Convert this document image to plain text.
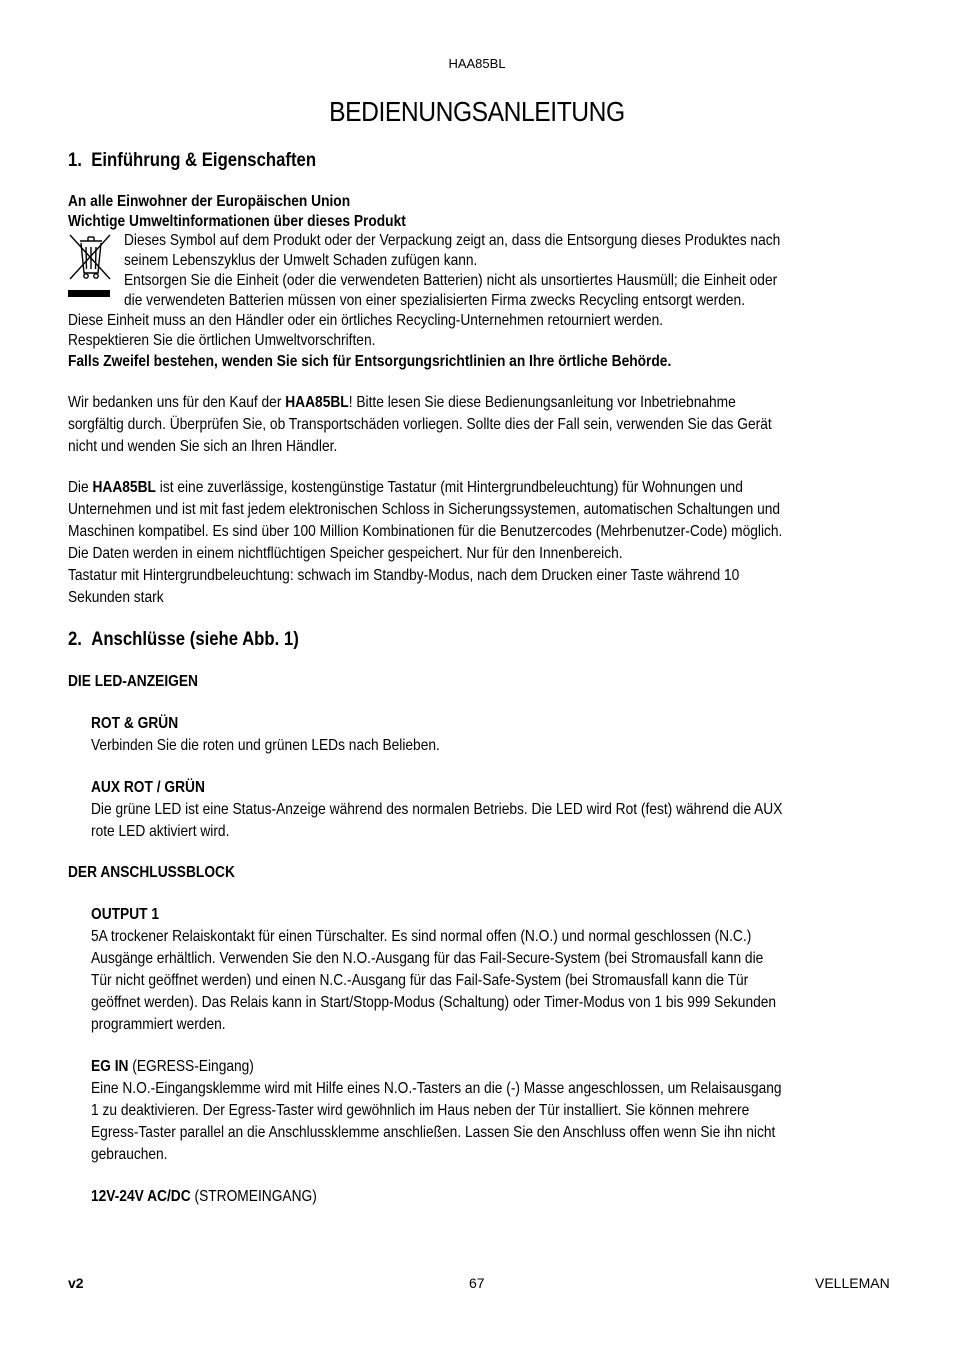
HAA85BL
BEDIENUNGSANLEITUNG
1. Einführung & Eigenschaften
An alle Einwohner der Europäischen Union
Wichtige Umweltinformationen über dieses Produkt
Dieses Symbol auf dem Produkt oder der Verpackung zeigt an, dass die Entsorgung dieses Produktes nach
seinem Lebenszyklus der Umwelt Schaden zufügen kann.
Entsorgen Sie die Einheit (oder die verwendeten Batterien) nicht als unsortiertes Hausmüll; die Einheit oder
die verwendeten Batterien müssen von einer spezialisierten Firma zwecks Recycling entsorgt werden.
Diese Einheit muss an den Händler oder ein örtliches Recycling-Unternehmen retourniert werden.
Respektieren Sie die örtlichen Umweltvorschriften.
Falls Zweifel bestehen, wenden Sie sich für Entsorgungsrichtlinien an Ihre örtliche Behörde.
Wir bedanken uns für den Kauf der HAA85BL! Bitte lesen Sie diese Bedienungsanleitung vor Inbetriebnahme
sorgfältig durch. Überprüfen Sie, ob Transportschäden vorliegen. Sollte dies der Fall sein, verwenden Sie das Gerät
nicht und wenden Sie sich an Ihren Händler.
Die HAA85BL ist eine zuverlässige, kostengünstige Tastatur (mit Hintergrundbeleuchtung) für Wohnungen und
Unternehmen und ist mit fast jedem elektronischen Schloss in Sicherungssystemen, automatischen Schaltungen und
Maschinen kompatibel. Es sind über 100 Million Kombinationen für die Benutzercodes (Mehrbenutzer-Code) möglich.
Die Daten werden in einem nichtflüchtigen Speicher gespeichert. Nur für den Innenbereich.
Tastatur mit Hintergrundbeleuchtung: schwach im Standby-Modus, nach dem Drucken einer Taste während 10
Sekunden stark
2. Anschlüsse (siehe Abb. 1)
DIE LED-ANZEIGEN
ROT & GRÜN
Verbinden Sie die roten und grünen LEDs nach Belieben.
AUX ROT / GRÜN
Die grüne LED ist eine Status-Anzeige während des normalen Betriebs. Die LED wird Rot (fest) während die AUX
rote LED aktiviert wird.
DER ANSCHLUSSBLOCK
OUTPUT 1
5A trockener Relaiskontakt für einen Türschalter. Es sind normal offen (N.O.) und normal geschlossen (N.C.)
Ausgänge erhältlich. Verwenden Sie den N.O.-Ausgang für das Fail-Secure-System (bei Stromausfall kann die
Tür nicht geöffnet werden) und einen N.C.-Ausgang für das Fail-Safe-System (bei Stromausfall kann die Tür
geöffnet werden). Das Relais kann in Start/Stopp-Modus (Schaltung) oder Timer-Modus von 1 bis 999 Sekunden
programmiert werden.
EG IN (EGRESS-Eingang)
Eine N.O.-Eingangsklemme wird mit Hilfe eines N.O.-Tasters an die (-) Masse angeschlossen, um Relaisausgang
1 zu deaktivieren. Der Egress-Taster wird gewöhnlich im Haus neben der Tür installiert. Sie können mehrere
Egress-Taster parallel an die Anschlussklemme anschließen. Lassen Sie den Anschluss offen wenn Sie ihn nicht
gebrauchen.
12V-24V AC/DC (STROMEINGANG)
v2	67	VELLEMAN
